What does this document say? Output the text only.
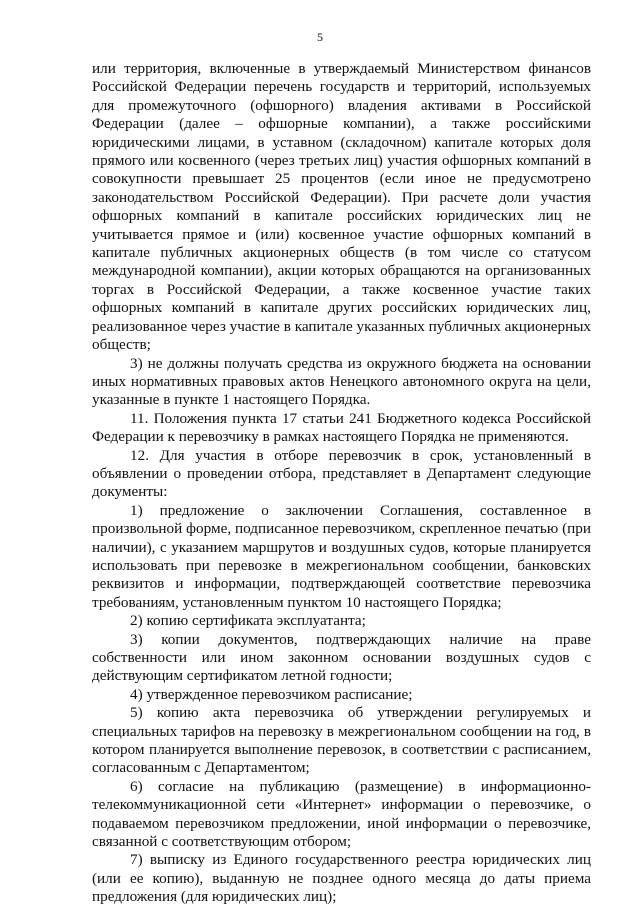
5

или территория, включенные в утверждаемый Министерством финансов Российской Федерации перечень государств и территорий, используемых для промежуточного (офшорного) владения активами в Российской Федерации (далее – офшорные компании), а также российскими юридическими лицами, в уставном (складочном) капитале которых доля прямого или косвенного (через третьих лиц) участия офшорных компаний в совокупности превышает 25 процентов (если иное не предусмотрено законодательством Российской Федерации). При расчете доли участия офшорных компаний в капитале российских юридических лиц не учитывается прямое и (или) косвенное участие офшорных компаний в капитале публичных акционерных обществ (в том числе со статусом международной компании), акции которых обращаются на организованных торгах в Российской Федерации, а также косвенное участие таких офшорных компаний в капитале других российских юридических лиц, реализованное через участие в капитале указанных публичных акционерных обществ;

3) не должны получать средства из окружного бюджета на основании иных нормативных правовых актов Ненецкого автономного округа на цели, указанные в пункте 1 настоящего Порядка.

11. Положения пункта 17 статьи 241 Бюджетного кодекса Российской Федерации к перевозчику в рамках настоящего Порядка не применяются.

12. Для участия в отборе перевозчик в срок, установленный в объявлении о проведении отбора, представляет в Департамент следующие документы:

1) предложение о заключении Соглашения, составленное в произвольной форме, подписанное перевозчиком, скрепленное печатью (при наличии), с указанием маршрутов и воздушных судов, которые планируется использовать при перевозке в межрегиональном сообщении, банковских реквизитов и информации, подтверждающей соответствие перевозчика требованиям, установленным пунктом 10 настоящего Порядка;

2) копию сертификата эксплуатанта;

3) копии документов, подтверждающих наличие на праве собственности или ином законном основании воздушных судов с действующим сертификатом летной годности;

4) утвержденное перевозчиком расписание;

5) копию акта перевозчика об утверждении регулируемых и специальных тарифов на перевозку в межрегиональном сообщении на год, в котором планируется выполнение перевозок, в соответствии с расписанием, согласованным с Департаментом;

6) согласие на публикацию (размещение) в информационно-телекоммуникационной сети «Интернет» информации о перевозчике, о подаваемом перевозчиком предложении, иной информации о перевозчике, связанной с соответствующим отбором;

7) выписку из Единого государственного реестра юридических лиц (или ее копию), выданную не позднее одного месяца до даты приема предложения (для юридических лиц);
